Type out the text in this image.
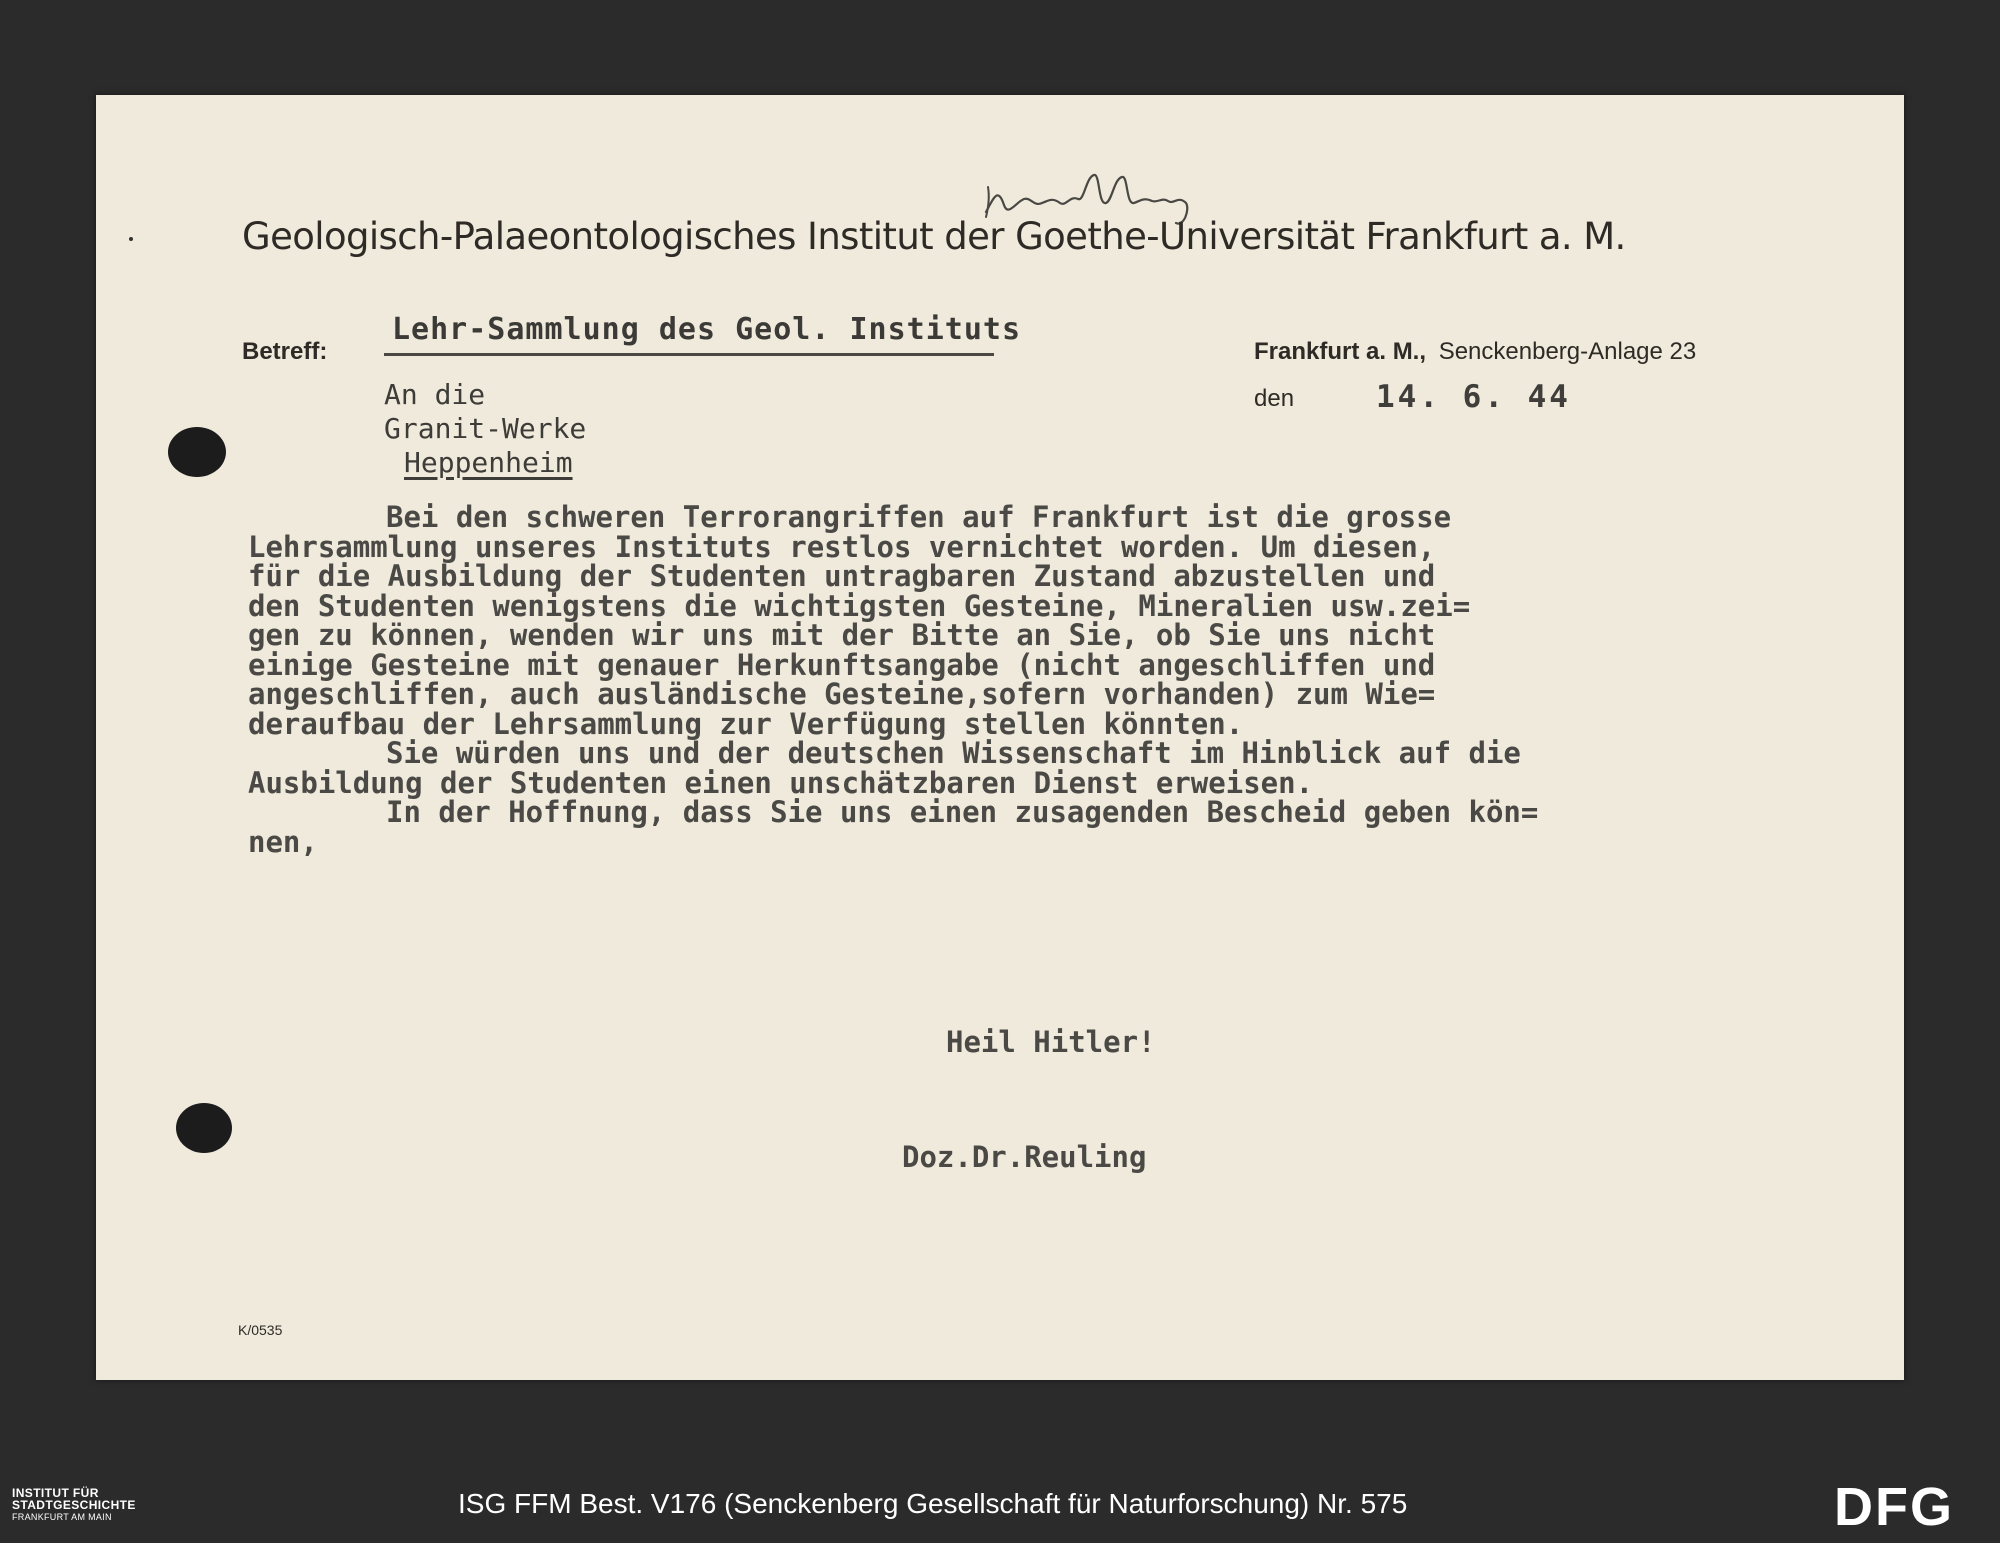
Geologisch-Palaeontologisches Institut der Goethe-Universität Frankfurt a. M.
Betreff:
Lehr-Sammlung des Geol. Instituts
Frankfurt a. M., Senckenberg-Anlage 23
den	14. 6. 44
An die
Granit-Werke
Heppenheim
Bei den schweren Terrorangriffen auf Frankfurt ist die grosse
Lehrsammlung unseres Instituts restlos vernichtet worden. Um diesen,
für die Ausbildung der Studenten untragbaren Zustand abzustellen und
den Studenten wenigstens die wichtigsten Gesteine, Mineralien usw.zei=
gen zu können, wenden wir uns mit der Bitte an Sie, ob Sie uns nicht
einige Gesteine mit genauer Herkunftsangabe (nicht angeschliffen und
angeschliffen, auch ausländische Gesteine,sofern vorhanden) zum Wie=
deraufbau der Lehrsammlung zur Verfügung stellen könnten.
Sie würden uns und der deutschen Wissenschaft im Hinblick auf die
Ausbildung der Studenten einen unschätzbaren Dienst erweisen.
In der Hoffnung, dass Sie uns einen zusagenden Bescheid geben kön=
nen,
Heil Hitler!
Doz.Dr.Reuling
K/0535
INSTITUT FÜR
STADTGESCHICHTE
FRANKFURT AM MAIN	ISG FFM Best. V176 (Senckenberg Gesellschaft für Naturforschung) Nr. 575	DFG
